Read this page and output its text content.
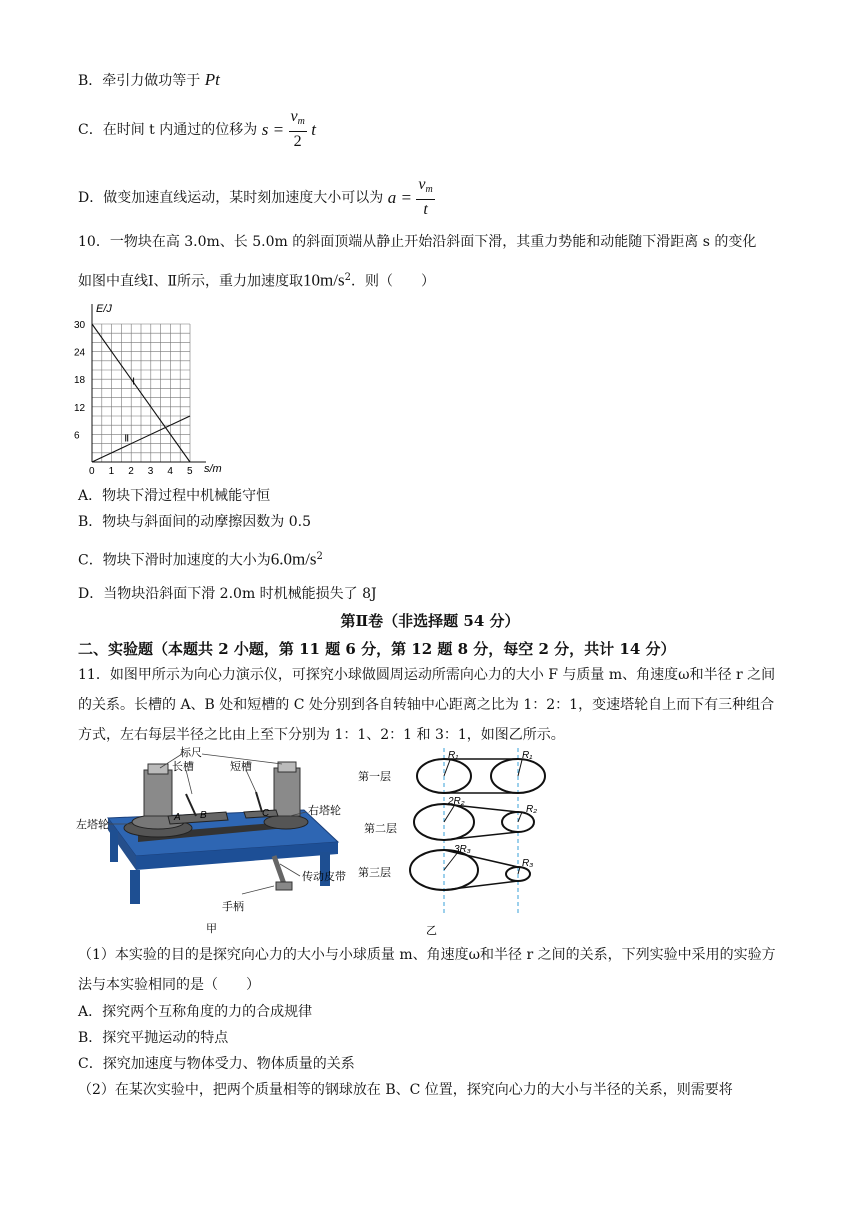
B．牵引力做功等于 Pt
C．在时间 t 内通过的位移为 $s = \frac{v_m}{2}$ t
D．做变加速直线运动，某时刻加速度大小可以为 $a = \frac{v_m}{t}$
10．一物块在高 3.0m、长 5.0m 的斜面顶端从静止开始沿斜面下滑，其重力势能和动能随下滑距离 s 的变化
如图中直线Ⅰ、Ⅱ所示，重力加速度取$10m/s^2$．则（　　）
0 1 2 3 4 5
6
12
18
24
30
Ⅰ
Ⅱ
E/J
s/m
A．物块下滑过程中机械能守恒
B．物块与斜面间的动摩擦因数为 0.5
C．物块下滑时加速度的大小为$6.0m/s^2$
D．当物块沿斜面下滑 2.0m 时机械能损失了 8J
第Ⅱ卷（非选择题 54 分）
二、实验题（本题共 2 小题，第 11 题 6 分，第 12 题 8 分，每空 2 分，共计 14 分）
11．如图甲所示为向心力演示仪，可探究小球做圆周运动所需向心力的大小 F 与质量 m、角速度ω和半径 r 之间的关系。长槽的 A、B 处和短槽的 C 处分别到各自转轴中心距离之比为 1：2：1，变速塔轮自上而下有三种组合方式，左右每层半径之比由上至下分别为 1：1、2：1 和 3：1，如图乙所示。
标尺
长槽	短槽
左塔轮
右塔轮
A B	C
手柄
传动皮带
甲
第一层
第二层
第三层
R₁	R₁
2R₂
R₂
3R₃
R₃
乙
（1）本实验的目的是探究向心力的大小与小球质量 m、角速度ω和半径 r 之间的关系，下列实验中采用的实验方法与本实验相同的是（　　）
A．探究两个互称角度的力的合成规律
B．探究平抛运动的特点
C．探究加速度与物体受力、物体质量的关系
（2）在某次实验中，把两个质量相等的钢球放在 B、C 位置，探究向心力的大小与半径的关系，则需要将
